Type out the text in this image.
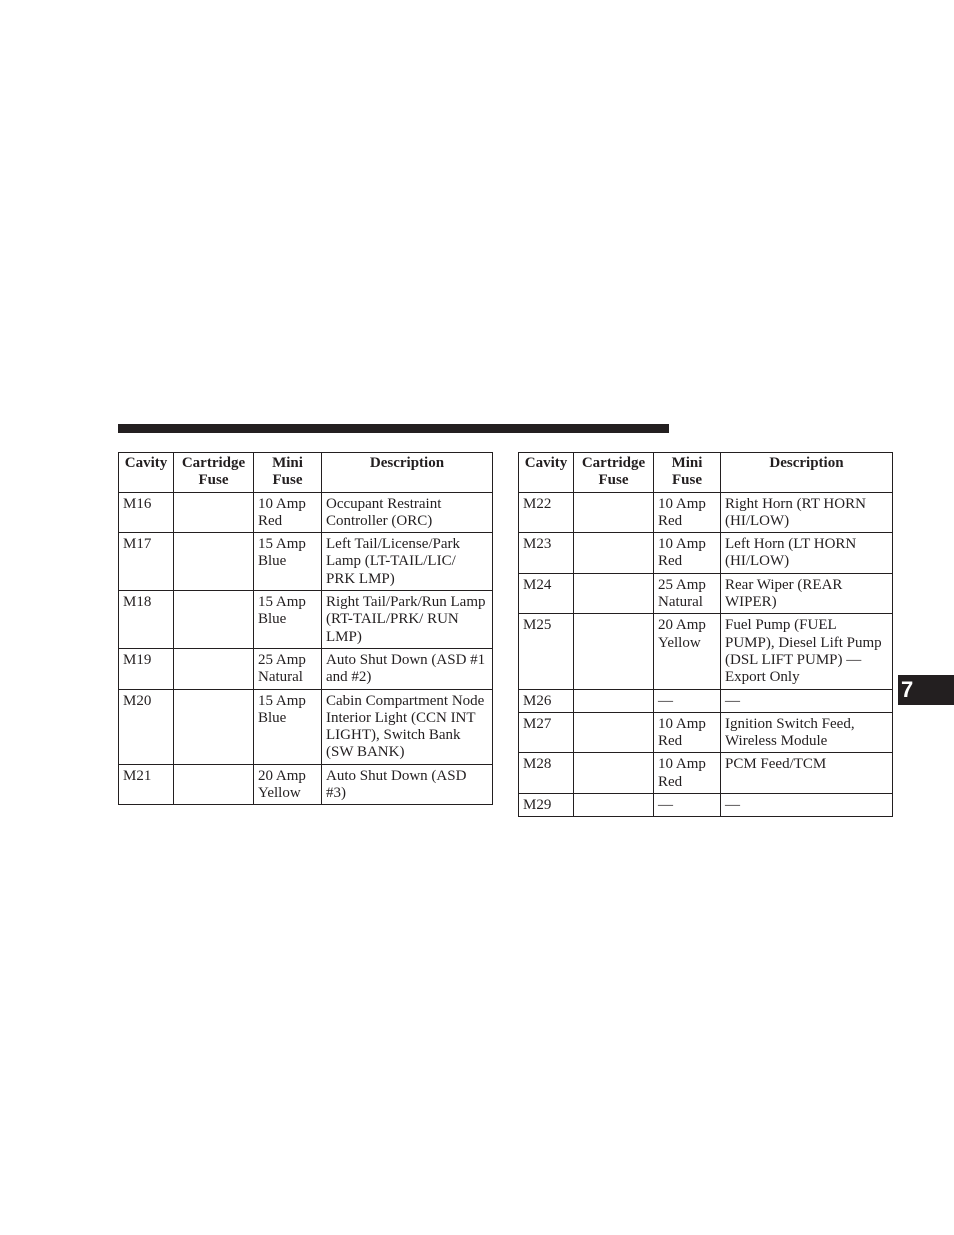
Cavity	Cartridge Fuse	Mini Fuse	Description
M16		10 Amp Red	Occupant Restraint Controller (ORC)
M17		15 Amp Blue	Left Tail/License/Park Lamp (LT-TAIL/LIC/ PRK LMP)
M18		15 Amp Blue	Right Tail/Park/Run Lamp (RT-TAIL/PRK/ RUN LMP)
M19		25 Amp Natural	Auto Shut Down (ASD #1 and #2)
M20		15 Amp Blue	Cabin Compartment Node Interior Light (CCN INT LIGHT), Switch Bank (SW BANK)
M21		20 Amp Yellow	Auto Shut Down (ASD #3)
Cavity	Cartridge Fuse	Mini Fuse	Description
M22		10 Amp Red	Right Horn (RT HORN (HI/LOW)
M23		10 Amp Red	Left Horn (LT HORN (HI/LOW)
M24		25 Amp Natural	Rear Wiper (REAR WIPER)
M25		20 Amp Yellow	Fuel Pump (FUEL PUMP), Diesel Lift Pump (DSL LIFT PUMP) — Export Only
M26		—	—
M27		10 Amp Red	Ignition Switch Feed, Wireless Module
M28		10 Amp Red	PCM Feed/TCM
M29		—	—
7
